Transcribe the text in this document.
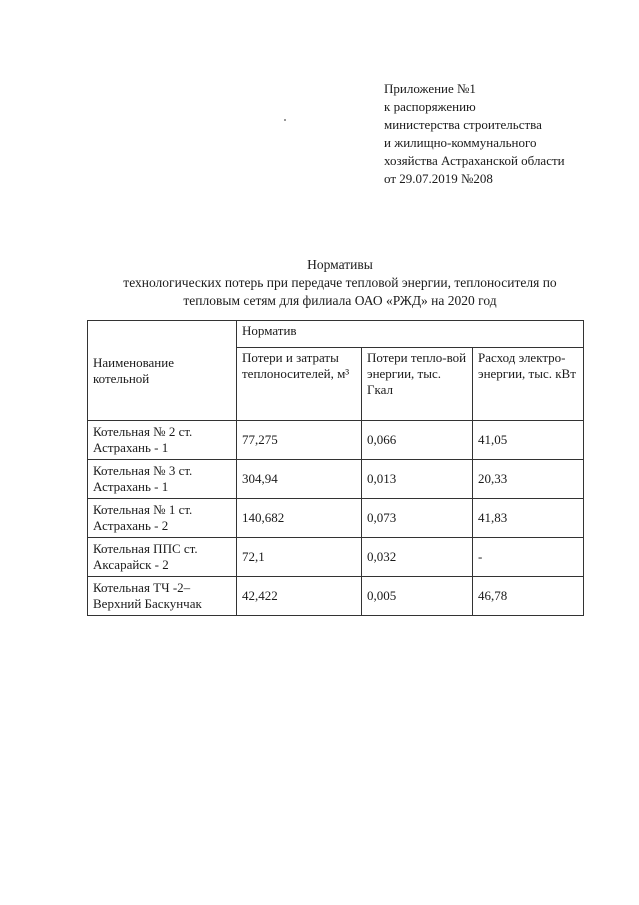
Приложение №1
к распоряжению
министерства строительства
и жилищно-коммунального
хозяйства Астраханской области
от 29.07.2019 №208
Нормативы
технологических потерь при передаче тепловой энергии, теплоносителя по
тепловым сетям для филиала ОАО «РЖД» на 2020 год
Наименование котельной	Норматив		
	Потери и затраты теплоносителей, м³	Потери тепло-вой энергии, тыс. Гкал	Расход электро-энергии, тыс. кВт
Котельная № 2 ст. Астрахань - 1	77,275	0,066	41,05
Котельная № 3 ст. Астрахань - 1	304,94	0,013	20,33
Котельная № 1 ст. Астрахань - 2	140,682	0,073	41,83
Котельная ППС ст. Аксарайск - 2	72,1	0,032	-
Котельная ТЧ -2– Верхний Баскунчак	42,422	0,005	46,78
